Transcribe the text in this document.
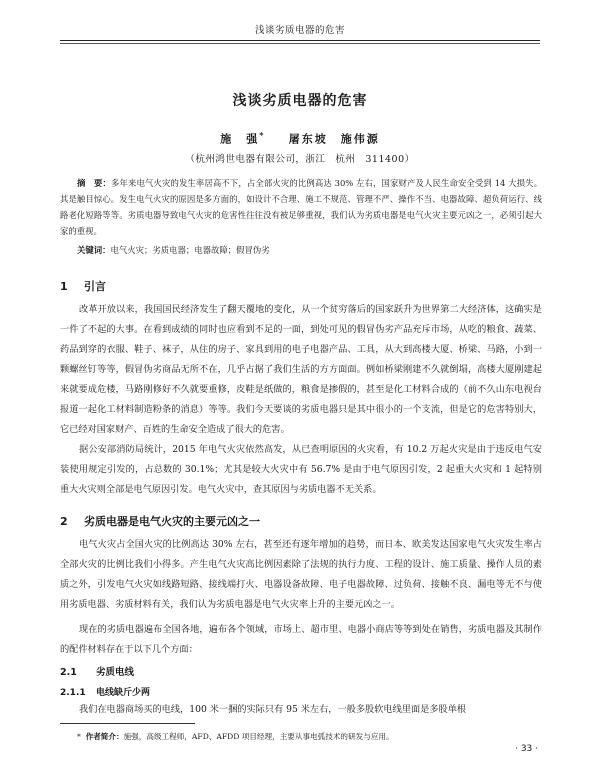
浅谈劣质电器的危害
浅谈劣质电器的危害
施　强* 屠东坡　施伟源
（杭州鸿世电器有限公司，浙江　杭州　311400）
摘　要：多年来电气火灾的发生率居高不下，占全部火灾的比例高达 30% 左右，国家财产及人民生命安全受到 14 大损失。其是触目惊心。发生电气火灾的原因是多方面的，如设计不合理、施工不规范、管理不严、操作不当、电器故障、超负荷运行、线路老化短路等等。劣质电器导致电气火灾的危害性往往没有被足够重视，我们认为劣质电器是电气火灾主要元凶之一，必须引起大家的重视。
关键词：电气火灾；劣质电器；电器故障；假冒伪劣
1 引言
改革开放以来，我国国民经济发生了翻天覆地的变化，从一个贫穷落后的国家跃升为世界第二大经济体，这确实是一件了不起的大事。在看到成绩的同时也应看到不足的一面，到处可见的假冒伪劣产品充斥市场，从吃的粮食、蔬菜、药品到穿的衣服、鞋子、袜子，从住的房子、家具到用的电子电器产品、工具，从大到高楼大厦、桥梁、马路，小到一颗螺丝钉等等，假冒伪劣商品无所不在，几乎占据了我们生活的方方面面。例如桥梁刚建不久就倒塌，高楼大厦刚建起来就要成危楼，马路刚修好不久就要重修，皮鞋是纸做的，粮食是掺假的，甚至是化工材料合成的（前不久山东电视台报道一起化工材料制造粉条的消息）等等。我们今天要谈的劣质电器只是其中很小的一个支流，但是它的危害特别大，它已经对国家财产、百姓的生命安全造成了很大的危害。
据公安部消防局统计，2015 年电气火灾依然高发，从已查明原因的火灾看，有 10.2 万起火灾是由于违反电气安装使用规定引发的，占总数的 30.1%；尤其是较大火灾中有 56.7% 是由于电气原因引发，2 起重大火灾和 1 起特别重大火灾则全部是电气原因引发。电气火灾中，查其原因与劣质电器不无关系。
2 劣质电器是电气火灾的主要元凶之一
电气火灾占全国火灾的比例高达 30% 左右，甚至还有逐年增加的趋势，而日本、欧美发达国家电气火灾发生率占全部火灾的比例比我们小得多。产生电气火灾高比例因素除了法规的执行力度、工程的设计、施工质量、操作人员的素质之外，引发电气火灾如线路短路、接线端打火、电器设备故障、电子电器故障、过负荷、接触不良、漏电等无不与使用劣质电器、劣质材料有关，我们认为劣质电器是电气火灾率上升的主要元凶之一。
现在的劣质电器遍布全国各地，遍布各个领域，市场上、超市里、电器小商店等等到处在销售，劣质电器及其制作的配件材料存在于以下几个方面：
2.1 劣质电线
2.1.1 电线缺斤少两
我们在电器商场买的电线，100 米一捆的实际只有 95 米左右，一般多股软电线里面是多股单根
* 作者简介：施强，高级工程师，AFD、AFDD 项目经理，主要从事电弧技术的研发与应用。
· 33 ·
